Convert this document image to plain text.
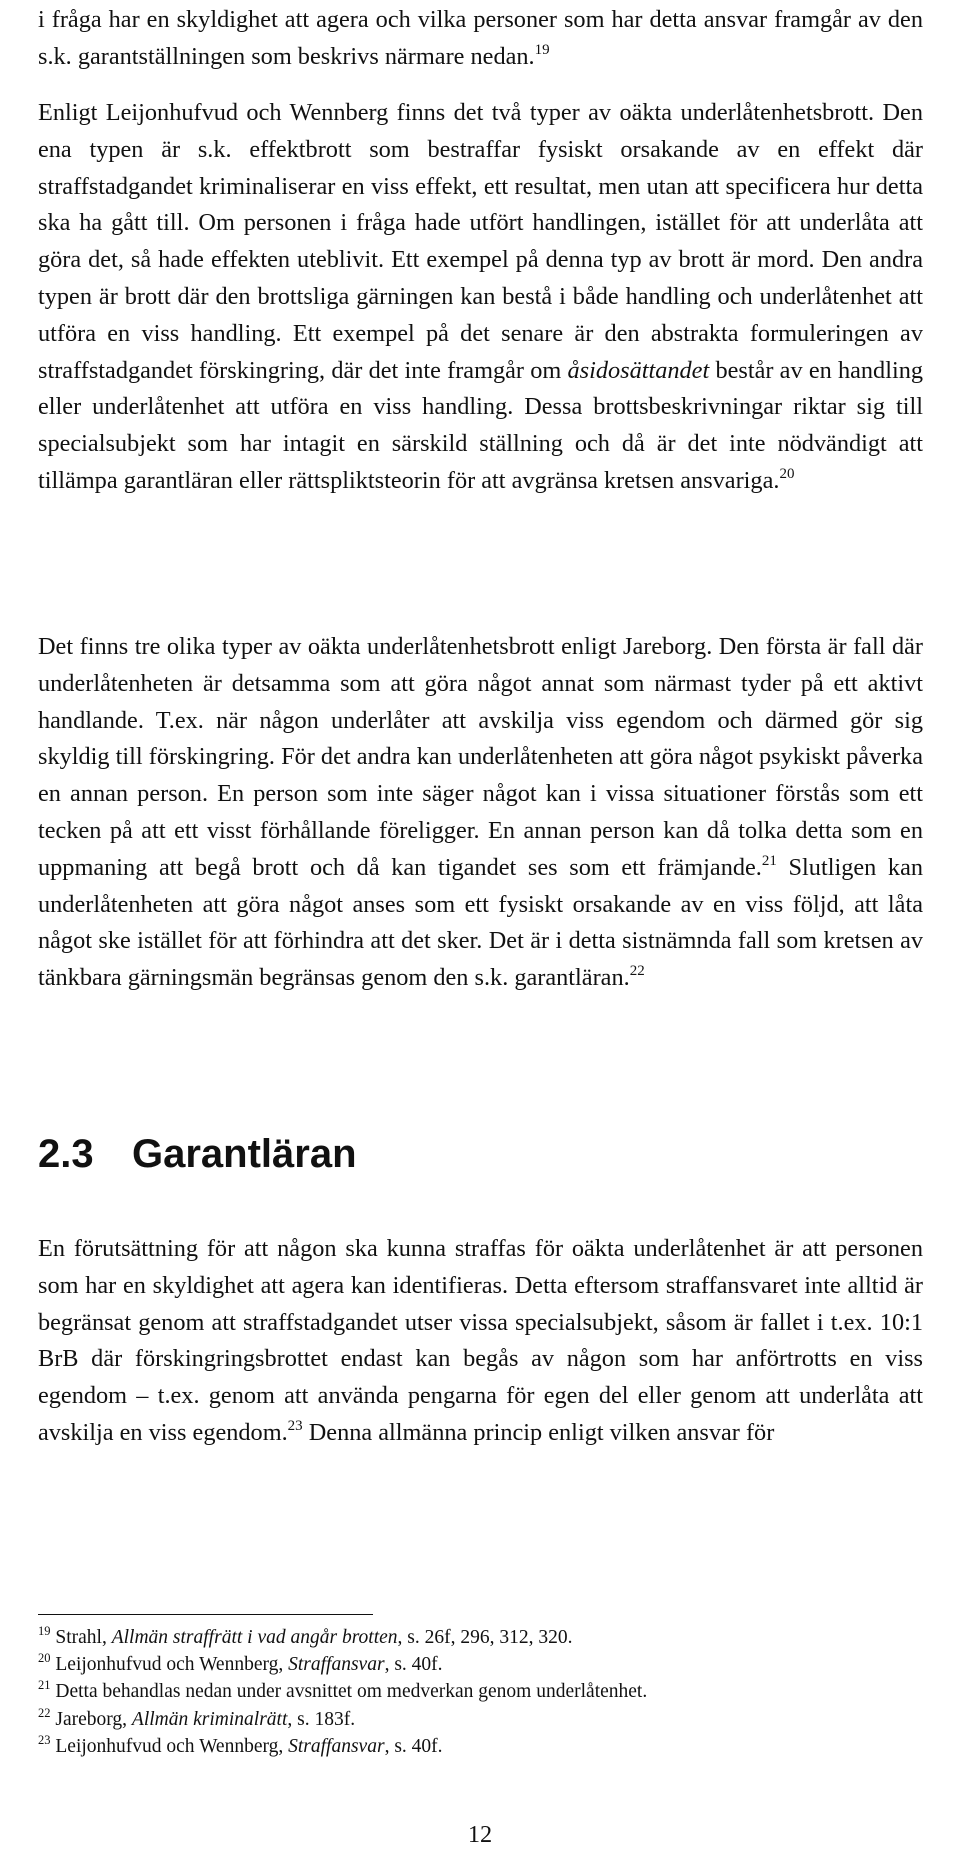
i fråga har en skyldighet att agera och vilka personer som har detta ansvar framgår av den s.k. garantställningen som beskrivs närmare nedan.$^{19}$

Enligt Leijonhufvud och Wennberg finns det två typer av oäkta underlåtenhetsbrott. Den ena typen är s.k. effektbrott som bestraffar fysiskt orsakande av en effekt där straffstadgandet kriminaliserar en viss effekt, ett resultat, men utan att specificera hur detta ska ha gått till. Om personen i fråga hade utfört handlingen, istället för att underlåta att göra det, så hade effekten uteblivit. Ett exempel på denna typ av brott är mord. Den andra typen är brott där den brottsliga gärningen kan bestå i både handling och underlåtenhet att utföra en viss handling. Ett exempel på det senare är den abstrakta formuleringen av straffstadgandet förskingring, där det inte framgår om åsidosättandet består av en handling eller underlåtenhet att utföra en viss handling. Dessa brottsbeskrivningar riktar sig till specialsubjekt som har intagit en särskild ställning och då är det inte nödvändigt att tillämpa garantläran eller rättspliktsteorin för att avgränsa kretsen ansvariga.$^{20}$

Det finns tre olika typer av oäkta underlåtenhetsbrott enligt Jareborg. Den första är fall där underlåtenheten är detsamma som att göra något annat som närmast tyder på ett aktivt handlande. T.ex. när någon underlåter att avskilja viss egendom och därmed gör sig skyldig till förskingring. För det andra kan underlåtenheten att göra något psykiskt påverka en annan person. En person som inte säger något kan i vissa situationer förstås som ett tecken på att ett visst förhållande föreligger. En annan person kan då tolka detta som en uppmaning att begå brott och då kan tigandet ses som ett främjande.$^{21}$ Slutligen kan underlåtenheten att göra något anses som ett fysiskt orsakande av en viss följd, att låta något ske istället för att förhindra att det sker. Det är i detta sistnämnda fall som kretsen av tänkbara gärningsmän begränsas genom den s.k. garantläran.$^{22}$

2.3 Garantläran

En förutsättning för att någon ska kunna straffas för oäkta underlåtenhet är att personen som har en skyldighet att agera kan identifieras. Detta eftersom straffansvaret inte alltid är begränsat genom att straffstadgandet utser vissa specialsubjekt, såsom är fallet i t.ex. 10:1 BrB där förskingringsbrottet endast kan begås av någon som har anförtrotts en viss egendom – t.ex. genom att använda pengarna för egen del eller genom att underlåta att avskilja en viss egendom.$^{23}$ Denna allmänna princip enligt vilken ansvar för

$^{19}$ Strahl, Allmän straffrätt i vad angår brotten, s. 26f, 296, 312, 320.
$^{20}$ Leijonhufvud och Wennberg, Straffansvar, s. 40f.
$^{21}$ Detta behandlas nedan under avsnittet om medverkan genom underlåtenhet.
$^{22}$ Jareborg, Allmän kriminalrätt, s. 183f.
$^{23}$ Leijonhufvud och Wennberg, Straffansvar, s. 40f.
12
